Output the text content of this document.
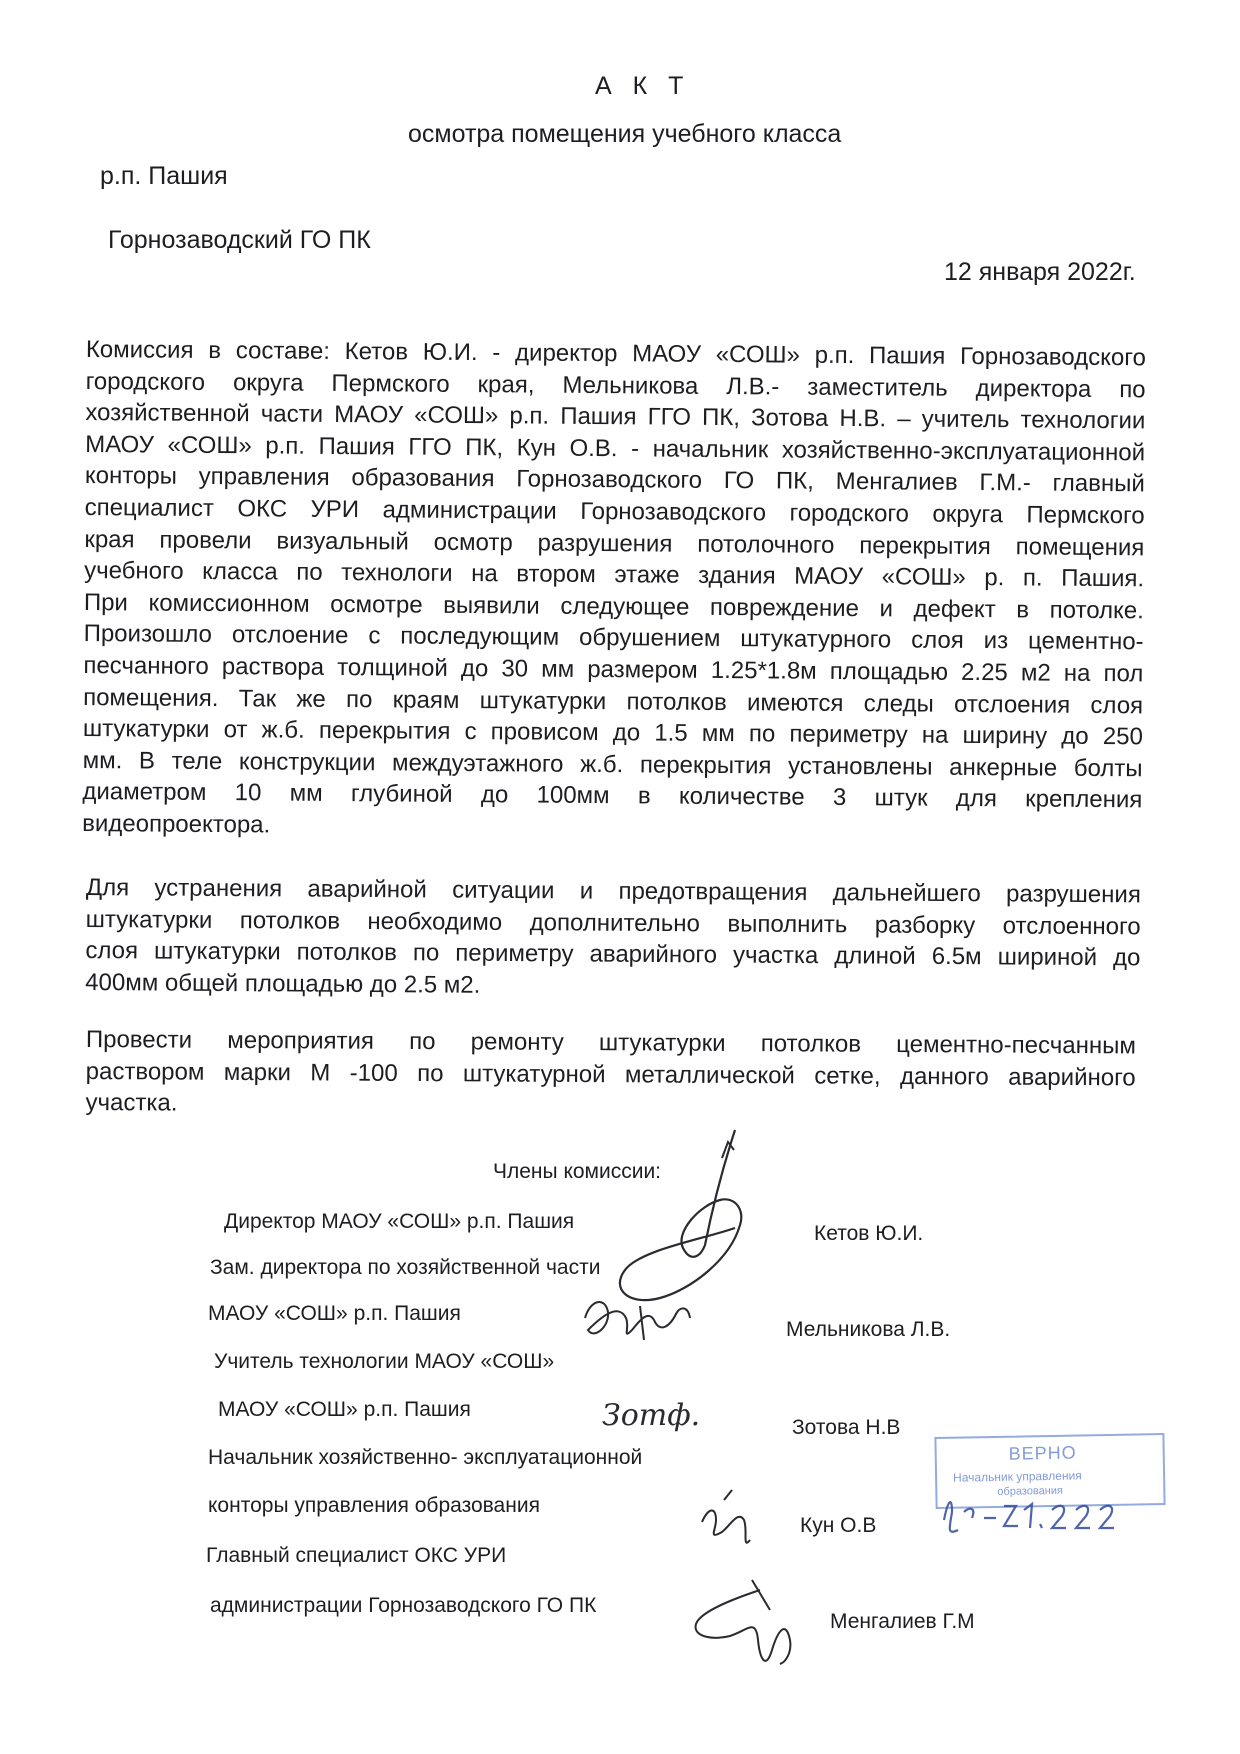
А К Т
осмотра помещения учебного класса
р.п. Пашия
Горнозаводский ГО ПК
12 января 2022г.
Комиссия в составе: Кетов Ю.И. - директор МАОУ «СОШ» р.п. Пашия Горнозаводского
городского округа Пермского края, Мельникова Л.В.- заместитель директора по
хозяйственной части МАОУ «СОШ» р.п. Пашия ГГО ПК, Зотова Н.В. – учитель технологии
МАОУ «СОШ» р.п. Пашия ГГО ПК, Кун О.В. - начальник хозяйственно-эксплуатационной
конторы управления образования Горнозаводского ГО ПК, Менгалиев Г.М.- главный
специалист ОКС УРИ администрации Горнозаводского городского округа Пермского
края провели визуальный осмотр разрушения потолочного перекрытия помещения
учебного класса по технологи на втором этаже здания МАОУ «СОШ» р. п. Пашия.
При комиссионном осмотре выявили следующее повреждение и дефект в потолке.
Произошло отслоение с последующим обрушением штукатурного слоя из цементно-
песчанного раствора толщиной до 30 мм размером 1.25*1.8м площадью 2.25 м2 на пол
помещения. Так же по краям штукатурки потолков имеются следы отслоения слоя
штукатурки от ж.б. перекрытия с провисом до 1.5 мм по периметру на ширину до 250
мм. В теле конструкции междуэтажного ж.б. перекрытия установлены анкерные болты
диаметром 10 мм глубиной до 100мм в количестве 3 штук для крепления
видеопроектора.
Для устранения аварийной ситуации и предотвращения дальнейшего разрушения
штукатурки потолков необходимо дополнительно выполнить разборку отслоенного
слоя штукатурки потолков по периметру аварийного участка длиной 6.5м шириной до
400мм общей площадью до 2.5 м2.
Провести мероприятия по ремонту штукатурки потолков цементно-песчанным
раствором марки М -100 по штукатурной металлической сетке, данного аварийного
участка.
Члены комиссии:
Директор МАОУ «СОШ» р.п. Пашия
Зам. директора по хозяйственной части
МАОУ «СОШ» р.п. Пашия
Учитель технологии МАОУ «СОШ»
МАОУ «СОШ» р.п. Пашия
Начальник хозяйственно- эксплуатационной
конторы управления образования
Главный специалист ОКС УРИ
администрации Горнозаводского ГО ПК
Кетов Ю.И.
Мельникова Л.В.
Зотова Н.В
Кун О.В
Менгалиев Г.М
ВЕРНО
Начальник управления
образования
Зотф.
